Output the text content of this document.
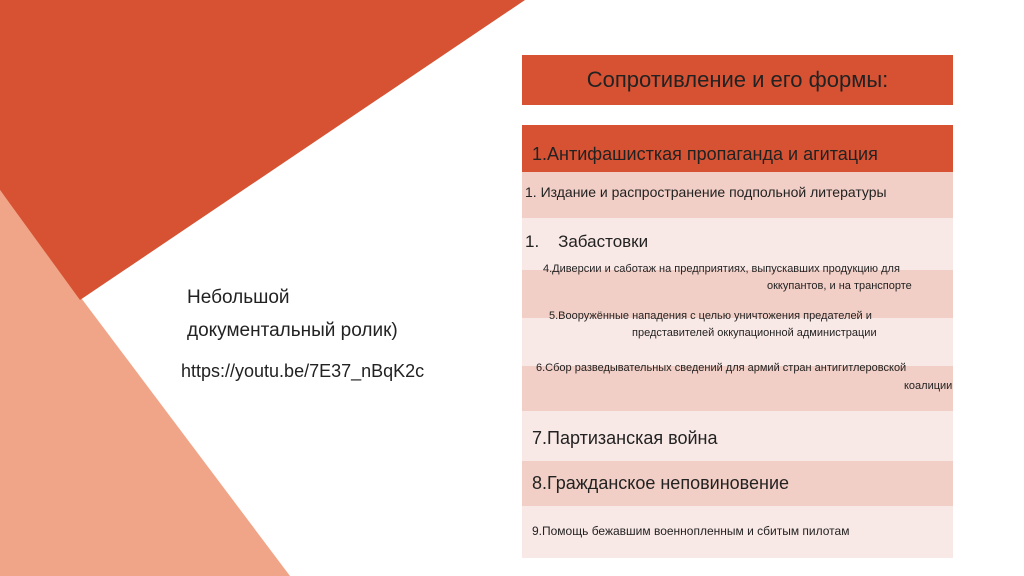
Сопротивление и его формы:
Небольшой
документальный ролик)
https://youtu.be/7E37_nBqK2c
1.Антифашисткая пропаганда и агитация
1. Издание и распространение подпольной литературы
1.    Забастовки
4.Диверсии и саботаж на предприятиях, выпускавших продукцию для
оккупантов, и на транспорте
5.Вооружённые нападения с целью уничтожения предателей и
представителей оккупационной администрации
6.Сбор разведывательных сведений для армий стран антигитлеровской
коалиции
7.Партизанская война
8.Гражданское неповиновение
9.Помощь бежавшим военнопленным и сбитым пилотам
